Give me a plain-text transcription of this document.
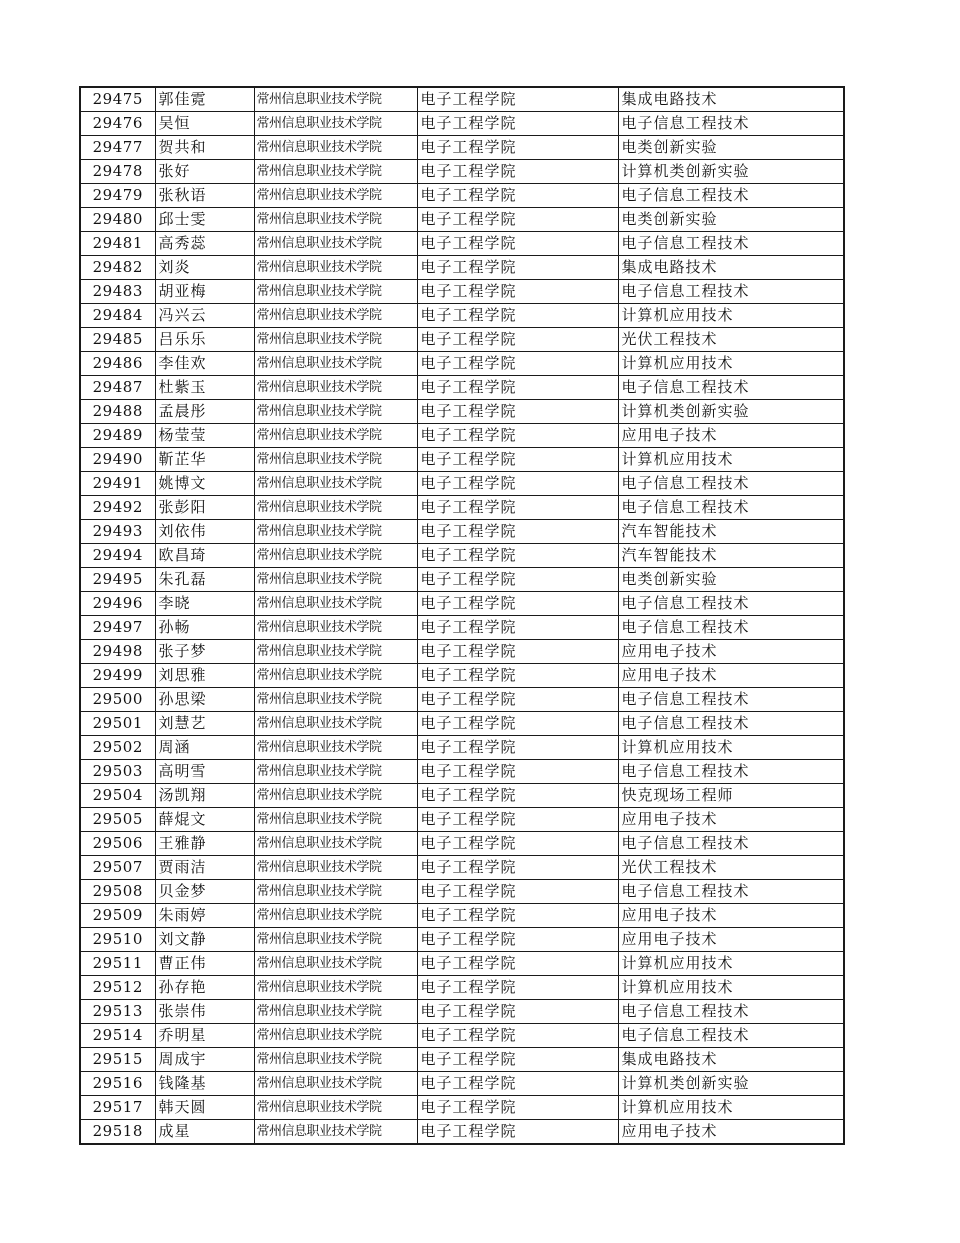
29475	郭佳霓	常州信息职业技术学院	电子工程学院	集成电路技术
29476	吴恒	常州信息职业技术学院	电子工程学院	电子信息工程技术
29477	贺共和	常州信息职业技术学院	电子工程学院	电类创新实验
29478	张好	常州信息职业技术学院	电子工程学院	计算机类创新实验
29479	张秋语	常州信息职业技术学院	电子工程学院	电子信息工程技术
29480	邱士雯	常州信息职业技术学院	电子工程学院	电类创新实验
29481	高秀蕊	常州信息职业技术学院	电子工程学院	电子信息工程技术
29482	刘炎	常州信息职业技术学院	电子工程学院	集成电路技术
29483	胡亚梅	常州信息职业技术学院	电子工程学院	电子信息工程技术
29484	冯兴云	常州信息职业技术学院	电子工程学院	计算机应用技术
29485	吕乐乐	常州信息职业技术学院	电子工程学院	光伏工程技术
29486	李佳欢	常州信息职业技术学院	电子工程学院	计算机应用技术
29487	杜紫玉	常州信息职业技术学院	电子工程学院	电子信息工程技术
29488	孟晨彤	常州信息职业技术学院	电子工程学院	计算机类创新实验
29489	杨莹莹	常州信息职业技术学院	电子工程学院	应用电子技术
29490	靳芷华	常州信息职业技术学院	电子工程学院	计算机应用技术
29491	姚博文	常州信息职业技术学院	电子工程学院	电子信息工程技术
29492	张彭阳	常州信息职业技术学院	电子工程学院	电子信息工程技术
29493	刘依伟	常州信息职业技术学院	电子工程学院	汽车智能技术
29494	欧昌琦	常州信息职业技术学院	电子工程学院	汽车智能技术
29495	朱孔磊	常州信息职业技术学院	电子工程学院	电类创新实验
29496	李晓	常州信息职业技术学院	电子工程学院	电子信息工程技术
29497	孙畅	常州信息职业技术学院	电子工程学院	电子信息工程技术
29498	张子梦	常州信息职业技术学院	电子工程学院	应用电子技术
29499	刘思雅	常州信息职业技术学院	电子工程学院	应用电子技术
29500	孙思梁	常州信息职业技术学院	电子工程学院	电子信息工程技术
29501	刘慧艺	常州信息职业技术学院	电子工程学院	电子信息工程技术
29502	周涵	常州信息职业技术学院	电子工程学院	计算机应用技术
29503	高明雪	常州信息职业技术学院	电子工程学院	电子信息工程技术
29504	汤凯翔	常州信息职业技术学院	电子工程学院	快克现场工程师
29505	薛焜文	常州信息职业技术学院	电子工程学院	应用电子技术
29506	王雅静	常州信息职业技术学院	电子工程学院	电子信息工程技术
29507	贾雨洁	常州信息职业技术学院	电子工程学院	光伏工程技术
29508	贝金梦	常州信息职业技术学院	电子工程学院	电子信息工程技术
29509	朱雨婷	常州信息职业技术学院	电子工程学院	应用电子技术
29510	刘文静	常州信息职业技术学院	电子工程学院	应用电子技术
29511	曹正伟	常州信息职业技术学院	电子工程学院	计算机应用技术
29512	孙存艳	常州信息职业技术学院	电子工程学院	计算机应用技术
29513	张崇伟	常州信息职业技术学院	电子工程学院	电子信息工程技术
29514	乔明星	常州信息职业技术学院	电子工程学院	电子信息工程技术
29515	周成宇	常州信息职业技术学院	电子工程学院	集成电路技术
29516	钱隆基	常州信息职业技术学院	电子工程学院	计算机类创新实验
29517	韩天圆	常州信息职业技术学院	电子工程学院	计算机应用技术
29518	成星	常州信息职业技术学院	电子工程学院	应用电子技术
